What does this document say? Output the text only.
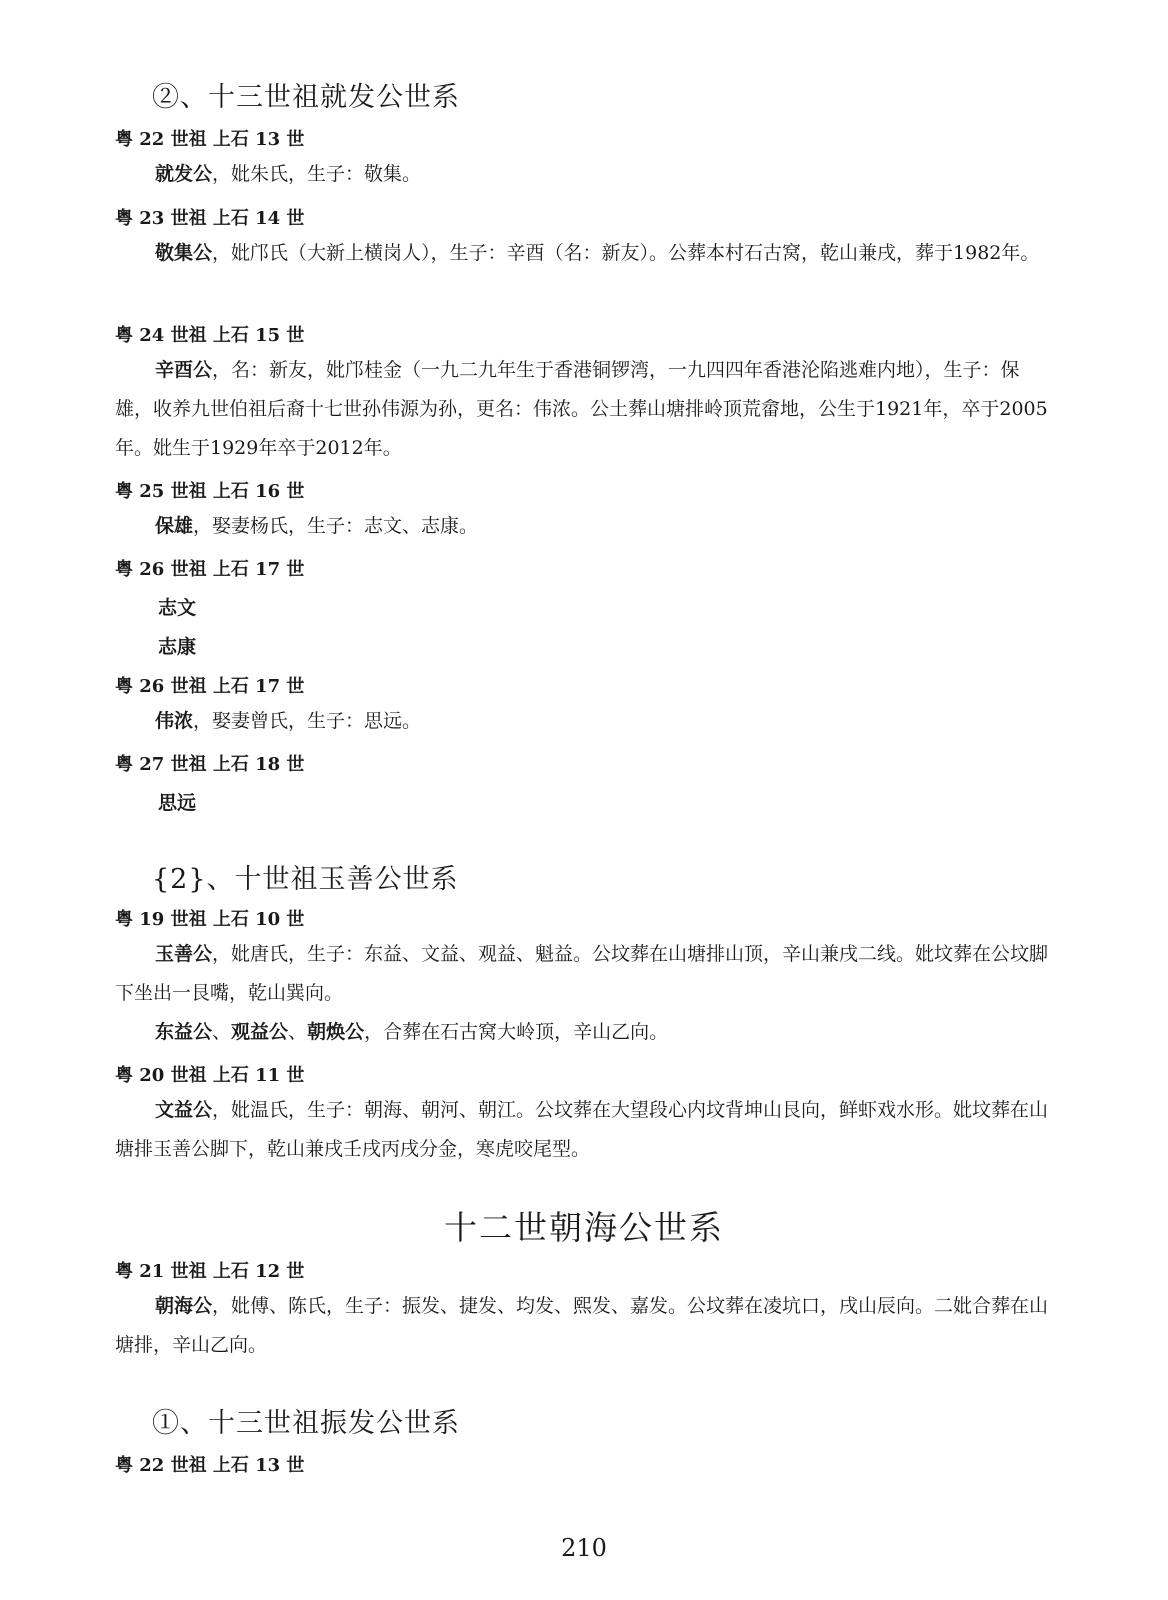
②、十三世祖就发公世系
粤 22 世祖 上石 13 世

就发公，妣朱氏，生子：敬集。

粤 23 世祖 上石 14 世

敬集公，妣邝氏（大新上横岗人），生子：辛酉（名：新友）。公葬本村石古窝，乾山兼戌，葬于1982年。

粤 24 世祖 上石 15 世

辛酉公，名：新友，妣邝桂金（一九二九年生于香港铜锣湾，一九四四年香港沦陷逃难内地），生子：保雄，收养九世伯祖后裔十七世孙伟源为孙，更名：伟浓。公土葬山塘排岭顶荒畲地，公生于1921年，卒于2005年。妣生于1929年卒于2012年。

粤 25 世祖 上石 16 世

保雄，娶妻杨氏，生子：志文、志康。

粤 26 世祖 上石 17 世
志文
志康
粤 26 世祖 上石 17 世

伟浓，娶妻曾氏，生子：思远。

粤 27 世祖 上石 18 世
思远
{2}、十世祖玉善公世系
粤 19 世祖 上石 10 世

玉善公，妣唐氏，生子：东益、文益、观益、魁益。公坟葬在山塘排山顶，辛山兼戌二线。妣坟葬在公坟脚下坐出一艮嘴，乾山巽向。

东益公、观益公、朝焕公，合葬在石古窝大岭顶，辛山乙向。

粤 20 世祖 上石 11 世

文益公，妣温氏，生子：朝海、朝河、朝江。公坟葬在大望段心内坟背坤山艮向，鲜虾戏水形。妣坟葬在山塘排玉善公脚下，乾山兼戌壬戌丙戌分金，寒虎咬尾型。

十二世朝海公世系
粤 21 世祖 上石 12 世

朝海公，妣傅、陈氏，生子：振发、捷发、均发、熙发、嘉发。公坟葬在凌坑口，戌山辰向。二妣合葬在山塘排，辛山乙向。

①、十三世祖振发公世系
粤 22 世祖 上石 13 世
210
